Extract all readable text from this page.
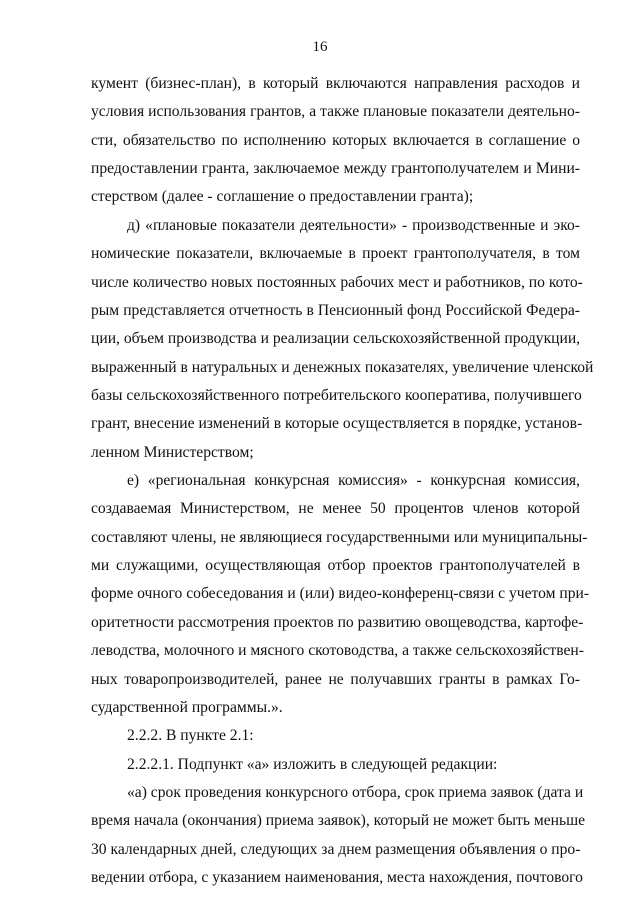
16
кумент (бизнес-план), в который включаются направления расходов и
условия использования грантов, а также плановые показатели деятельно-
сти, обязательство по исполнению которых включается в соглашение о
предоставлении гранта, заключаемое между грантополучателем и Мини-
стерством (далее - соглашение о предоставлении гранта);
д) «плановые показатели деятельности» - производственные и эко-
номические показатели, включаемые в проект грантополучателя, в том
числе количество новых постоянных рабочих мест и работников, по кото-
рым представляется отчетность в Пенсионный фонд Российской Федера-
ции, объем производства и реализации сельскохозяйственной продукции,
выраженный в натуральных и денежных показателях, увеличение членской
базы сельскохозяйственного потребительского кооператива, получившего
грант, внесение изменений в которые осуществляется в порядке, установ-
ленном Министерством;
е) «региональная конкурсная комиссия» - конкурсная комиссия,
создаваемая Министерством, не менее 50 процентов членов которой
составляют члены, не являющиеся государственными или муниципальны-
ми служащими, осуществляющая отбор проектов грантополучателей в
форме очного собеседования и (или) видео-конференц-связи с учетом при-
оритетности рассмотрения проектов по развитию овощеводства, картофе-
леводства, молочного и мясного скотоводства, а также сельскохозяйствен-
ных товаропроизводителей, ранее не получавших гранты в рамках Го-
сударственной программы.».
2.2.2. В пункте 2.1:
2.2.2.1. Подпункт «а» изложить в следующей редакции:
«а) срок проведения конкурсного отбора, срок приема заявок (дата и
время начала (окончания) приема заявок), который не может быть меньше
30 календарных дней, следующих за днем размещения объявления о про-
ведении отбора, с указанием наименования, места нахождения, почтового
